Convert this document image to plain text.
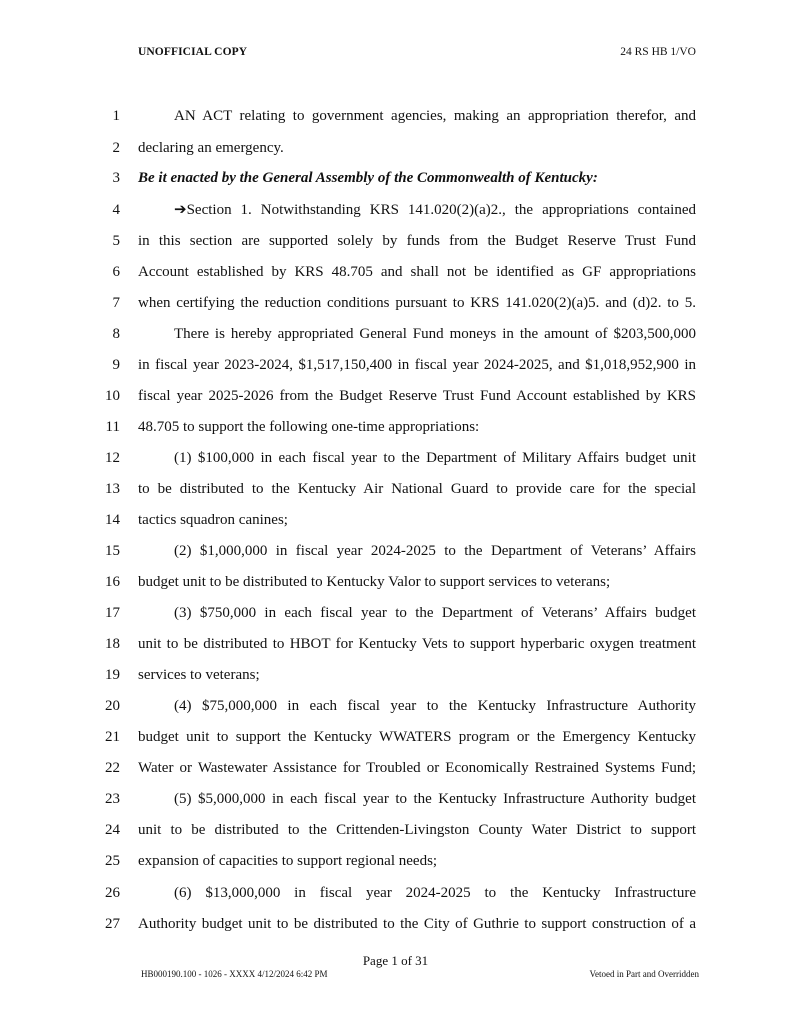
UNOFFICIAL COPY	24 RS HB 1/VO
1	AN ACT relating to government agencies, making an appropriation therefor, and
2 declaring an emergency.
3 Be it enacted by the General Assembly of the Commonwealth of Kentucky:
4	➔ Section 1. Notwithstanding KRS 141.020(2)(a)2., the appropriations contained
5 in this section are supported solely by funds from the Budget Reserve Trust Fund
6 Account established by KRS 48.705 and shall not be identified as GF appropriations
7 when certifying the reduction conditions pursuant to KRS 141.020(2)(a)5. and (d)2. to 5.
8	There is hereby appropriated General Fund moneys in the amount of $203,500,000
9 in fiscal year 2023-2024, $1,517,150,400 in fiscal year 2024-2025, and $1,018,952,900 in
10 fiscal year 2025-2026 from the Budget Reserve Trust Fund Account established by KRS
11 48.705 to support the following one-time appropriations:
12	(1) $100,000 in each fiscal year to the Department of Military Affairs budget unit
13 to be distributed to the Kentucky Air National Guard to provide care for the special
14 tactics squadron canines;
15	(2) $1,000,000 in fiscal year 2024-2025 to the Department of Veterans’ Affairs
16 budget unit to be distributed to Kentucky Valor to support services to veterans;
17	(3) $750,000 in each fiscal year to the Department of Veterans’ Affairs budget
18 unit to be distributed to HBOT for Kentucky Vets to support hyperbaric oxygen treatment
19 services to veterans;
20	(4) $75,000,000 in each fiscal year to the Kentucky Infrastructure Authority
21 budget unit to support the Kentucky WWATERS program or the Emergency Kentucky
22 Water or Wastewater Assistance for Troubled or Economically Restrained Systems Fund;
23	(5) $5,000,000 in each fiscal year to the Kentucky Infrastructure Authority budget
24 unit to be distributed to the Crittenden-Livingston County Water District to support
25 expansion of capacities to support regional needs;
26	(6) $13,000,000 in fiscal year 2024-2025 to the Kentucky Infrastructure
27 Authority budget unit to be distributed to the City of Guthrie to support construction of a
Page 1 of 31
HB000190.100 - 1026 - XXXX 4/12/2024 6:42 PM	Vetoed in Part and Overridden
